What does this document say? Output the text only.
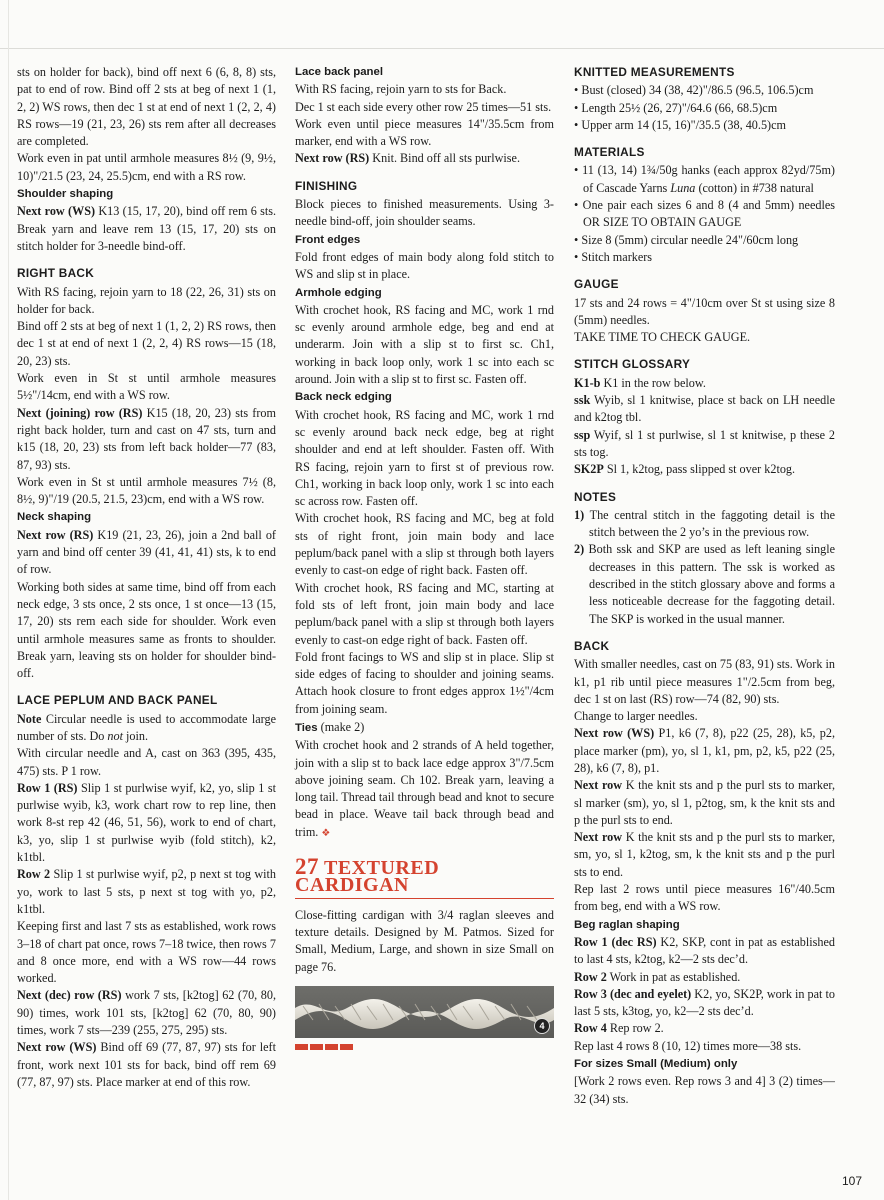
sts on holder for back), bind off next 6 (6, 8, 8) sts, pat to end of row. Bind off 2 sts at beg of next 1 (1, 2, 2) WS rows, then dec 1 st at end of next 1 (2, 2, 4) RS rows—19 (21, 23, 26) sts rem after all decreases are completed.

Work even in pat until armhole measures 8½ (9, 9½, 10)"/21.5 (23, 24, 25.5)cm, end with a RS row.

Shoulder shaping

Next row (WS) K13 (15, 17, 20), bind off rem 6 sts. Break yarn and leave rem 13 (15, 17, 20) sts on stitch holder for 3-needle bind-off.

RIGHT BACK

With RS facing, rejoin yarn to 18 (22, 26, 31) sts on holder for back.

Bind off 2 sts at beg of next 1 (1, 2, 2) RS rows, then dec 1 st at end of next 1 (2, 2, 4) RS rows—15 (18, 20, 23) sts.

Work even in St st until armhole measures 5½"/14cm, end with a WS row.

Next (joining) row (RS) K15 (18, 20, 23) sts from right back holder, turn and cast on 47 sts, turn and k15 (18, 20, 23) sts from left back holder—77 (83, 87, 93) sts.

Work even in St st until armhole measures 7½ (8, 8½, 9)"/19 (20.5, 21.5, 23)cm, end with a WS row.

Neck shaping

Next row (RS) K19 (21, 23, 26), join a 2nd ball of yarn and bind off center 39 (41, 41, 41) sts, k to end of row.

Working both sides at same time, bind off from each neck edge, 3 sts once, 2 sts once, 1 st once—13 (15, 17, 20) sts rem each side for shoulder. Work even until armhole measures same as fronts to shoulder. Break yarn, leaving sts on holder for shoulder bind-off.

LACE PEPLUM AND BACK PANEL

Note Circular needle is used to accommodate large number of sts. Do not join.

With circular needle and A, cast on 363 (395, 435, 475) sts. P 1 row.

Row 1 (RS) Slip 1 st purlwise wyif, k2, yo, slip 1 st purlwise wyib, k3, work chart row to rep line, then work 8-st rep 42 (46, 51, 56), work to end of chart, k3, yo, slip 1 st purlwise wyib (fold stitch), k2, k1tbl.

Row 2 Slip 1 st purlwise wyif, p2, p next st tog with yo, work to last 5 sts, p next st tog with yo, p2, k1tbl.

Keeping first and last 7 sts as established, work rows 3–18 of chart pat once, rows 7–18 twice, then rows 7 and 8 once more, end with a WS row—44 rows worked.

Next (dec) row (RS) work 7 sts, [k2tog] 62 (70, 80, 90) times, work 101 sts, [k2tog] 62 (70, 80, 90) times, work 7 sts—239 (255, 275, 295) sts.

Next row (WS) Bind off 69 (77, 87, 97) sts for left front, work next 101 sts for back, bind off rem 69 (77, 87, 97) sts. Place marker at end of this row.

Lace back panel

With RS facing, rejoin yarn to sts for Back.

Dec 1 st each side every other row 25 times—51 sts.

Work even until piece measures 14"/35.5cm from marker, end with a WS row.

Next row (RS) Knit. Bind off all sts purlwise.

FINISHING

Block pieces to finished measurements. Using 3-needle bind-off, join shoulder seams.

Front edges

Fold front edges of main body along fold stitch to WS and slip st in place.

Armhole edging

With crochet hook, RS facing and MC, work 1 rnd sc evenly around armhole edge, beg and end at underarm. Join with a slip st to first sc. Ch1, working in back loop only, work 1 sc into each sc around. Join with a slip st to first sc. Fasten off.

Back neck edging

With crochet hook, RS facing and MC, work 1 rnd sc evenly around back neck edge, beg at right shoulder and end at left shoulder. Fasten off. With RS facing, rejoin yarn to first st of previous row. Ch1, working in back loop only, work 1 sc into each sc across row. Fasten off.

With crochet hook, RS facing and MC, beg at fold sts of right front, join main body and lace peplum/back panel with a slip st through both layers evenly to cast-on edge of right back. Fasten off.

With crochet hook, RS facing and MC, starting at fold sts of left front, join main body and lace peplum/back panel with a slip st through both layers evenly to cast-on edge right of back. Fasten off.

Fold front facings to WS and slip st in place. Slip st side edges of facing to shoulder and joining seams. Attach hook closure to front edges approx 1½"/4cm from joining seam.

Ties (make 2)

With crochet hook and 2 strands of A held together, join with a slip st to back lace edge approx 3"/7.5cm above joining seam. Ch 102. Break yarn, leaving a long tail. Thread tail through bead and knot to secure bead in place. Weave tail back through bead and trim. ❖

27 TEXTURED CARDIGAN

Close-fitting cardigan with 3/4 raglan sleeves and texture details. Designed by M. Patmos. Sized for Small, Medium, Large, and shown in size Small on page 76.

4
KNITTED MEASUREMENTS

• Bust (closed) 34 (38, 42)"/86.5 (96.5, 106.5)cm

• Length 25½ (26, 27)"/64.6 (66, 68.5)cm

• Upper arm 14 (15, 16)"/35.5 (38, 40.5)cm

MATERIALS

• 11 (13, 14) 1¾/50g hanks (each approx 82yd/75m) of Cascade Yarns Luna (cotton) in #738 natural

• One pair each sizes 6 and 8 (4 and 5mm) needles OR SIZE TO OBTAIN GAUGE

• Size 8 (5mm) circular needle 24"/60cm long

• Stitch markers

GAUGE

17 sts and 24 rows = 4"/10cm over St st using size 8 (5mm) needles.

TAKE TIME TO CHECK GAUGE.

STITCH GLOSSARY

K1-b K1 in the row below.

ssk Wyib, sl 1 knitwise, place st back on LH needle and k2tog tbl.

ssp Wyif, sl 1 st purlwise, sl 1 st knitwise, p these 2 sts tog.

SK2P Sl 1, k2tog, pass slipped st over k2tog.

NOTES

1) The central stitch in the faggoting detail is the stitch between the 2 yo’s in the previous row.

2) Both ssk and SKP are used as left leaning single decreases in this pattern. The ssk is worked as described in the stitch glossary above and forms a less noticeable decrease for the faggoting detail. The SKP is worked in the usual manner.

BACK

With smaller needles, cast on 75 (83, 91) sts. Work in k1, p1 rib until piece measures 1"/2.5cm from beg, dec 1 st on last (RS) row—74 (82, 90) sts.

Change to larger needles.

Next row (WS) P1, k6 (7, 8), p22 (25, 28), k5, p2, place marker (pm), yo, sl 1, k1, pm, p2, k5, p22 (25, 28), k6 (7, 8), p1.

Next row K the knit sts and p the purl sts to marker, sl marker (sm), yo, sl 1, p2tog, sm, k the knit sts and p the purl sts to end.

Next row K the knit sts and p the purl sts to marker, sm, yo, sl 1, k2tog, sm, k the knit sts and p the purl sts to end.

Rep last 2 rows until piece measures 16"/40.5cm from beg, end with a WS row.

Beg raglan shaping

Row 1 (dec RS) K2, SKP, cont in pat as established to last 4 sts, k2tog, k2—2 sts dec’d.

Row 2 Work in pat as established.

Row 3 (dec and eyelet) K2, yo, SK2P, work in pat to last 5 sts, k3tog, yo, k2—2 sts dec’d.

Row 4 Rep row 2.

Rep last 4 rows 8 (10, 12) times more—38 sts.

For sizes Small (Medium) only

[Work 2 rows even. Rep rows 3 and 4] 3 (2) times—32 (34) sts.

107
